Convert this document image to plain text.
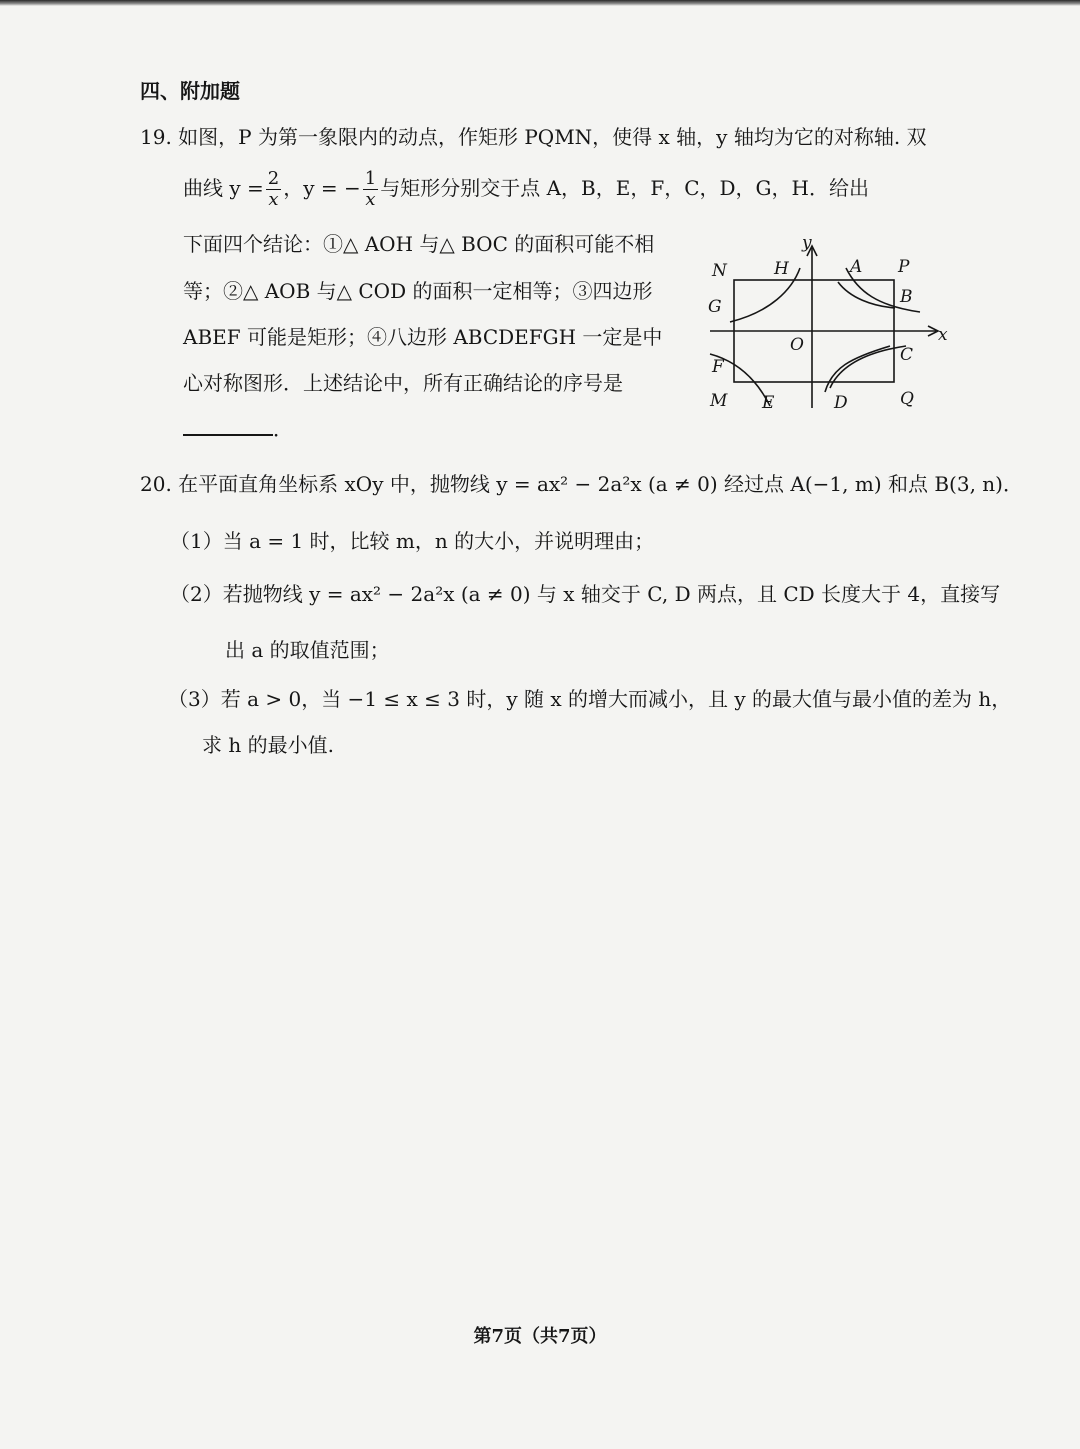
四、附加题
19. 如图，P 为第一象限内的动点，作矩形 PQMN，使得 x 轴，y 轴均为它的对称轴. 双
曲线 $y = \frac{2}{x}$ ，y = − $\frac{1}{x}$ 与矩形分别交于点 A，B，E，F，C，D，G，H．给出
下面四个结论：①△ AOH 与△ BOC 的面积可能不相
等；②△ AOB 与△ COD 的面积一定相等；③四边形
ABEF 可能是矩形；④八边形 ABCDEFGH 一定是中
心对称图形．上述结论中，所有正确结论的序号是
．
y
x
O
N	H	A P
G	B
F
C
M E	D	Q
20. 在平面直角坐标系 xOy 中，抛物线 y = ax² − 2a²x (a ≠ 0) 经过点 A(−1, m) 和点 B(3, n)．
（1）当 a = 1 时，比较 m，n 的大小，并说明理由；
（2）若抛物线 y = ax² − 2a²x (a ≠ 0) 与 x 轴交于 C, D 两点，且 CD 长度大于 4，直接写
出 a 的取值范围；
（3）若 a > 0，当 −1 ≤ x ≤ 3 时，y 随 x 的增大而减小，且 y 的最大值与最小值的差为 h，
求 h 的最小值.
第7页（共7页）
